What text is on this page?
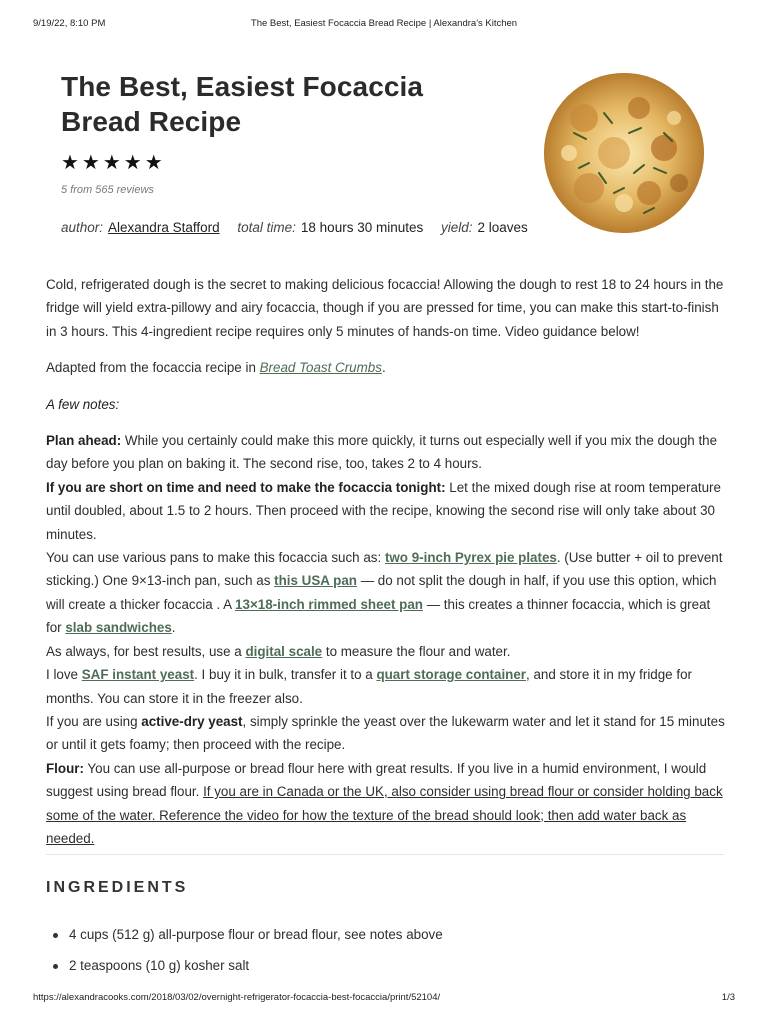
9/19/22, 8:10 PM	The Best, Easiest Focaccia Bread Recipe | Alexandra's Kitchen
The Best, Easiest Focaccia Bread Recipe
★★★★★
5 from 565 reviews
author: Alexandra Stafford total time: 18 hours 30 minutes yield: 2 loaves

Cold, refrigerated dough is the secret to making delicious focaccia! Allowing the dough to rest 18 to 24 hours in the fridge will yield extra-pillowy and airy focaccia, though if you are pressed for time, you can make this start-to-finish in 3 hours. This 4-ingredient recipe requires only 5 minutes of hands-on time. Video guidance below!

Adapted from the focaccia recipe in Bread Toast Crumbs.

A few notes:

Plan ahead: While you certainly could make this more quickly, it turns out especially well if you mix the dough the day before you plan on baking it. The second rise, too, takes 2 to 4 hours.

If you are short on time and need to make the focaccia tonight: Let the mixed dough rise at room temperature until doubled, about 1.5 to 2 hours. Then proceed with the recipe, knowing the second rise will only take about 30 minutes.

You can use various pans to make this focaccia such as: two 9-inch Pyrex pie plates. (Use butter + oil to prevent sticking.) One 9×13-inch pan, such as this USA pan — do not split the dough in half, if you use this option, which will create a thicker focaccia . A 13×18-inch rimmed sheet pan — this creates a thinner focaccia, which is great for slab sandwiches.

As always, for best results, use a digital scale to measure the flour and water.

I love SAF instant yeast. I buy it in bulk, transfer it to a quart storage container, and store it in my fridge for months. You can store it in the freezer also.

If you are using active-dry yeast, simply sprinkle the yeast over the lukewarm water and let it stand for 15 minutes or until it gets foamy; then proceed with the recipe.

Flour: You can use all-purpose or bread flour here with great results. If you live in a humid environment, I would suggest using bread flour. If you are in Canada or the UK, also consider using bread flour or consider holding back some of the water. Reference the video for how the texture of the bread should look; then add water back as needed.

INGREDIENTS
4 cups (512 g) all-purpose flour or bread flour, see notes above
2 teaspoons (10 g) kosher salt
https://alexandracooks.com/2018/03/02/overnight-refrigerator-focaccia-best-focaccia/print/52104/	1/3
